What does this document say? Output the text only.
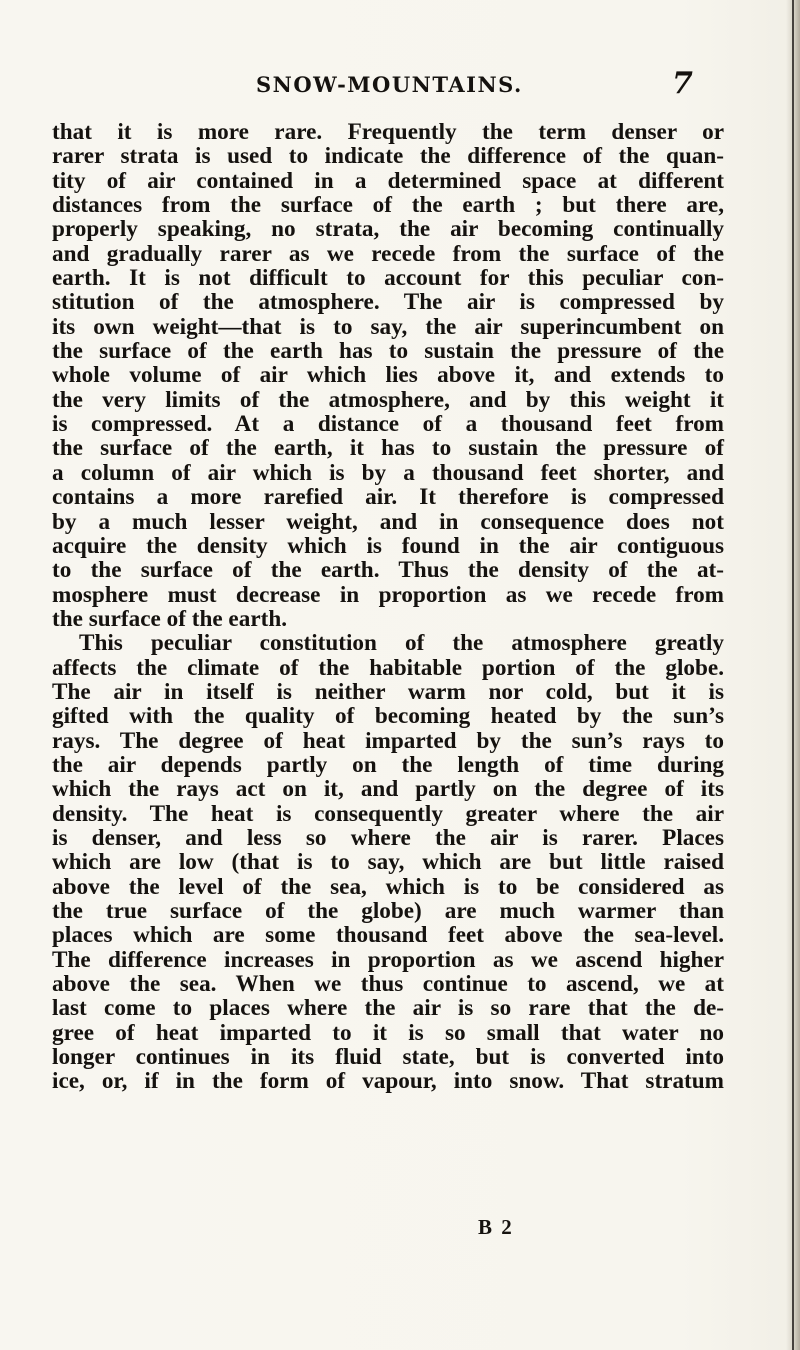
SNOW-MOUNTAINS.	7
that it is more rare. Frequently the term denser or
rarer strata is used to indicate the difference of the quan-
tity of air contained in a determined space at different
distances from the surface of the earth ; but there are,
properly speaking, no strata, the air becoming continually
and gradually rarer as we recede from the surface of the
earth. It is not difficult to account for this peculiar con-
stitution of the atmosphere. The air is compressed by
its own weight—that is to say, the air superincumbent on
the surface of the earth has to sustain the pressure of the
whole volume of air which lies above it, and extends to
the very limits of the atmosphere, and by this weight it
is compressed. At a distance of a thousand feet from
the surface of the earth, it has to sustain the pressure of
a column of air which is by a thousand feet shorter, and
contains a more rarefied air. It therefore is compressed
by a much lesser weight, and in consequence does not
acquire the density which is found in the air contiguous
to the surface of the earth. Thus the density of the at-
mosphere must decrease in proportion as we recede from
the surface of the earth.
This peculiar constitution of the atmosphere greatly
affects the climate of the habitable portion of the globe.
The air in itself is neither warm nor cold, but it is
gifted with the quality of becoming heated by the sun’s
rays. The degree of heat imparted by the sun’s rays to
the air depends partly on the length of time during
which the rays act on it, and partly on the degree of its
density. The heat is consequently greater where the air
is denser, and less so where the air is rarer. Places
which are low (that is to say, which are but little raised
above the level of the sea, which is to be considered as
the true surface of the globe) are much warmer than
places which are some thousand feet above the sea-level.
The difference increases in proportion as we ascend higher
above the sea. When we thus continue to ascend, we at
last come to places where the air is so rare that the de-
gree of heat imparted to it is so small that water no
longer continues in its fluid state, but is converted into
ice, or, if in the form of vapour, into snow. That stratum
B 2
